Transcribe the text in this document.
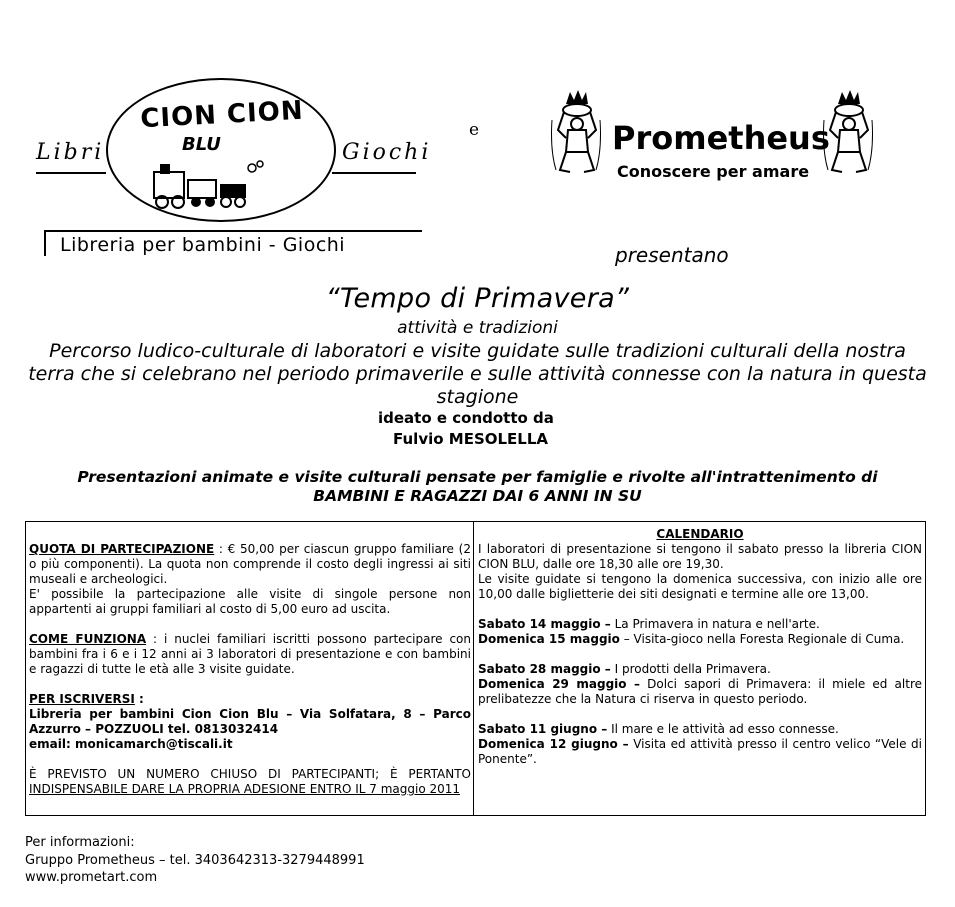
Libri	Giochi
CION CION
BLU
Libreria per bambini - Giochi
e	Prometheus
Conoscere per amare
presentano
“Tempo di Primavera”
attività e tradizioni
Percorso ludico-culturale di laboratori e visite guidate sulle tradizioni culturali della nostra terra che si celebrano nel periodo primaverile e sulle attività connesse con la natura in questa stagione
ideato e condotto da
Fulvio MESOLELLA
Presentazioni animate e visite culturali pensate per famiglie e rivolte all'intrattenimento di
BAMBINI E RAGAZZI DAI 6 ANNI IN SU

QUOTA DI PARTECIPAZIONE : € 50,00 per ciascun gruppo familiare (2 o più componenti). La quota non comprende il costo degli ingressi ai siti museali e archeologici.
E' possibile la partecipazione alle visite di singole persone non appartenti ai gruppi familiari al costo di 5,00 euro ad uscita.

COME FUNZIONA : i nuclei familiari iscritti possono partecipare con bambini fra i 6 e i 12 anni ai 3 laboratori di presentazione e con bambini e ragazzi di tutte le età alle 3 visite guidate.

PER ISCRIVERSI :
Libreria per bambini Cion Cion Blu – Via Solfatara, 8 – Parco Azzurro – POZZUOLI tel. 0813032414
email: monicamarch@tiscali.it

È PREVISTO UN NUMERO CHIUSO DI PARTECIPANTI; È PERTANTO INDISPENSABILE DARE LA PROPRIA ADESIONE ENTRO IL 7 maggio 2011

CALENDARIO

I laboratori di presentazione si tengono il sabato presso la libreria CION CION BLU, dalle ore 18,30 alle ore 19,30.
Le visite guidate si tengono la domenica successiva, con inizio alle ore 10,00 dalle biglietterie dei siti designati e termine alle ore 13,00.

Sabato 14 maggio – La Primavera in natura e nell'arte.
Domenica 15 maggio – Visita-gioco nella Foresta Regionale di Cuma.

Sabato 28 maggio – I prodotti della Primavera.
Domenica 29 maggio – Dolci sapori di Primavera: il miele ed altre prelibatezze che la Natura ci riserva in questo periodo.

Sabato 11 giugno – Il mare e le attività ad esso connesse.
Domenica 12 giugno – Visita ed attività presso il centro velico “Vele di Ponente”.

Per informazioni:
Gruppo Prometheus – tel. 3403642313-3279448991
www.prometart.com
